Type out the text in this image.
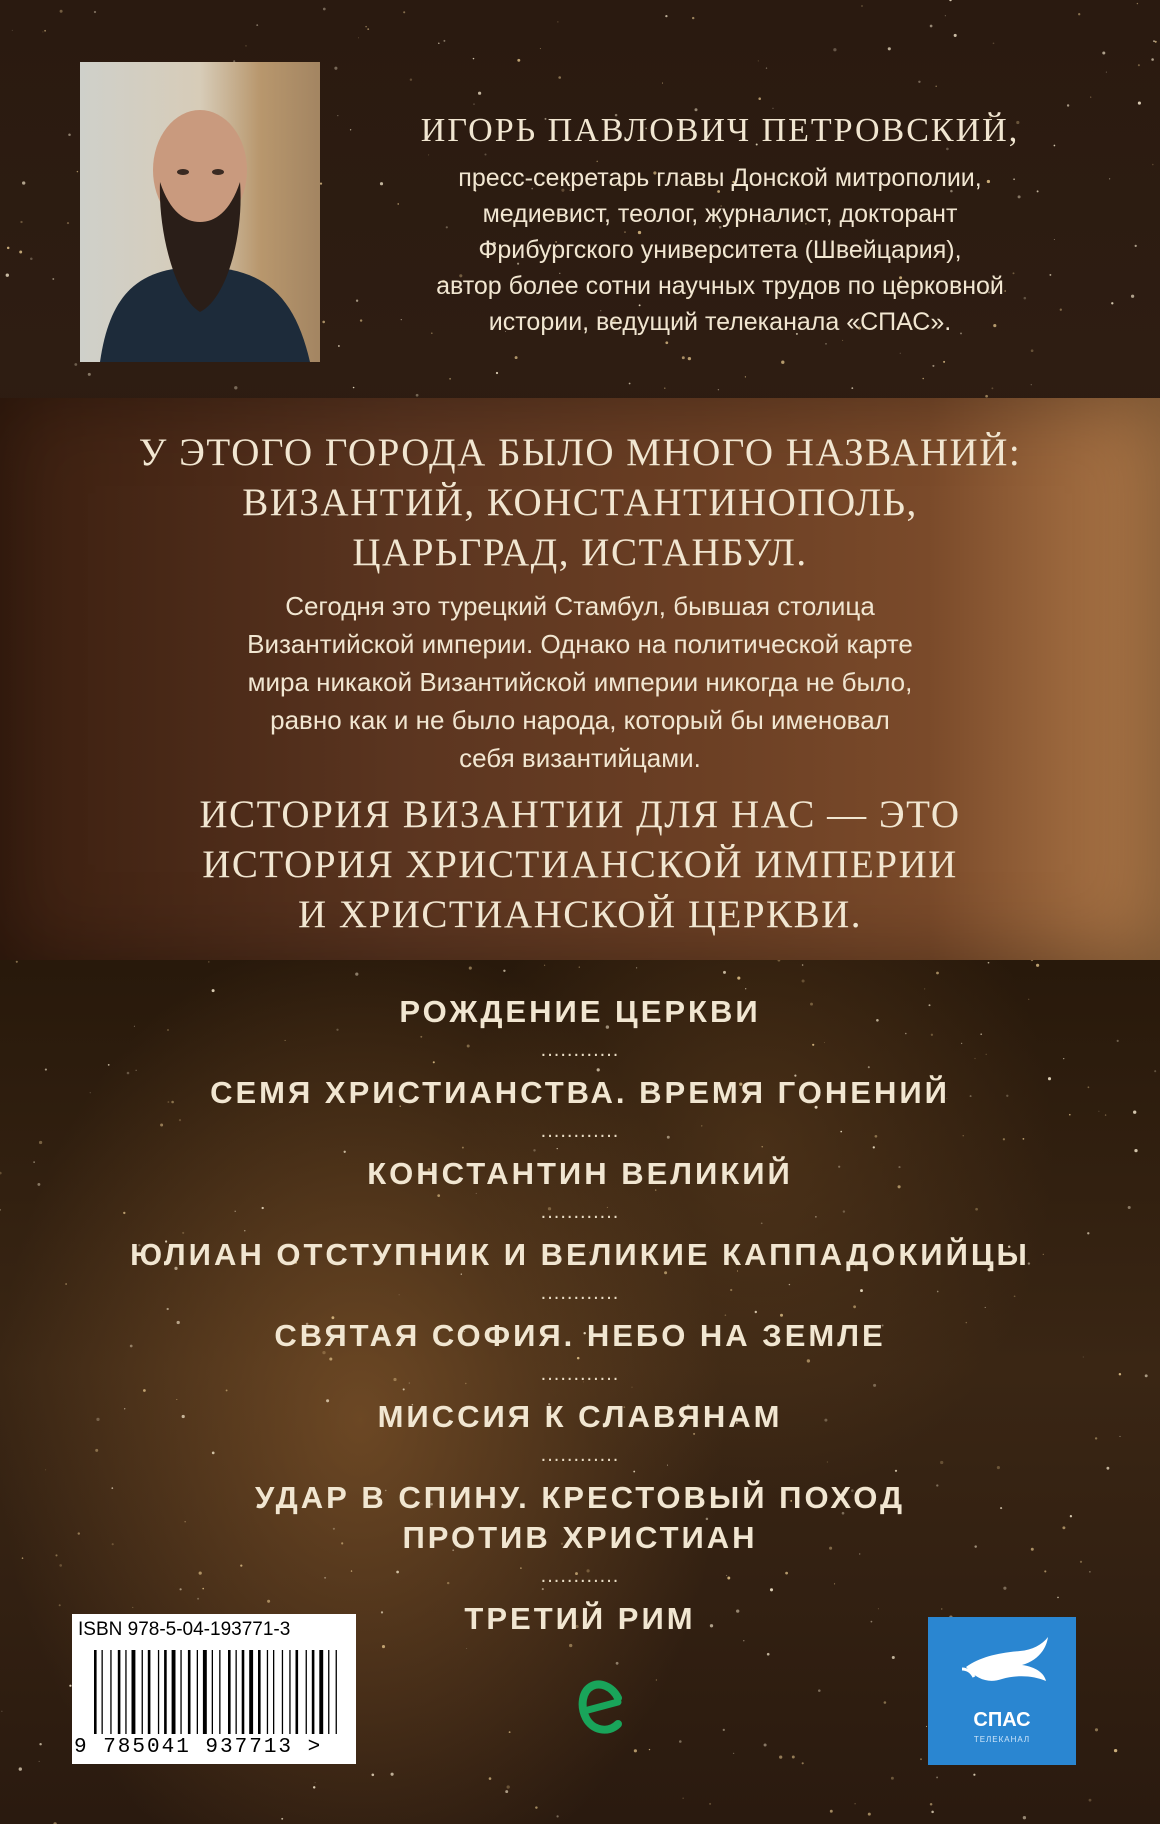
ИГОРЬ ПАВЛОВИЧ ПЕТРОВСКИЙ,
пресс-секретарь главы Донской митрополии,
медиевист, теолог, журналист, докторант
Фрибургского университета (Швейцария),
автор более сотни научных трудов по церковной
истории, ведущий телеканала «СПАС».
У ЭТОГО ГОРОДА БЫЛО МНОГО НАЗВАНИЙ:
ВИЗАНТИЙ, КОНСТАНТИНОПОЛЬ,
ЦАРЬГРАД, ИСТАНБУЛ.
Сегодня это турецкий Стамбул, бывшая столица
Византийской империи. Однако на политической карте
мира никакой Византийской империи никогда не было,
равно как и не было народа, который бы именовал
себя византийцами.
ИСТОРИЯ ВИЗАНТИИ ДЛЯ НАС — ЭТО
ИСТОРИЯ ХРИСТИАНСКОЙ ИМПЕРИИ
И ХРИСТИАНСКОЙ ЦЕРКВИ.
РОЖДЕНИЕ ЦЕРКВИ
............
СЕМЯ ХРИСТИАНСТВА. ВРЕМЯ ГОНЕНИЙ
............
КОНСТАНТИН ВЕЛИКИЙ
............
ЮЛИАН ОТСТУПНИК И ВЕЛИКИЕ КАППАДОКИЙЦЫ
............
СВЯТАЯ СОФИЯ. НЕБО НА ЗЕМЛЕ
............
МИССИЯ К СЛАВЯНАМ
............
УДАР В СПИНУ. КРЕСТОВЫЙ ПОХОД
ПРОТИВ ХРИСТИАН
............
ТРЕТИЙ РИМ
ISBN 978-5-04-193771-3
9 785041 937713 >
СПАС
ТЕЛЕКАНАЛ
